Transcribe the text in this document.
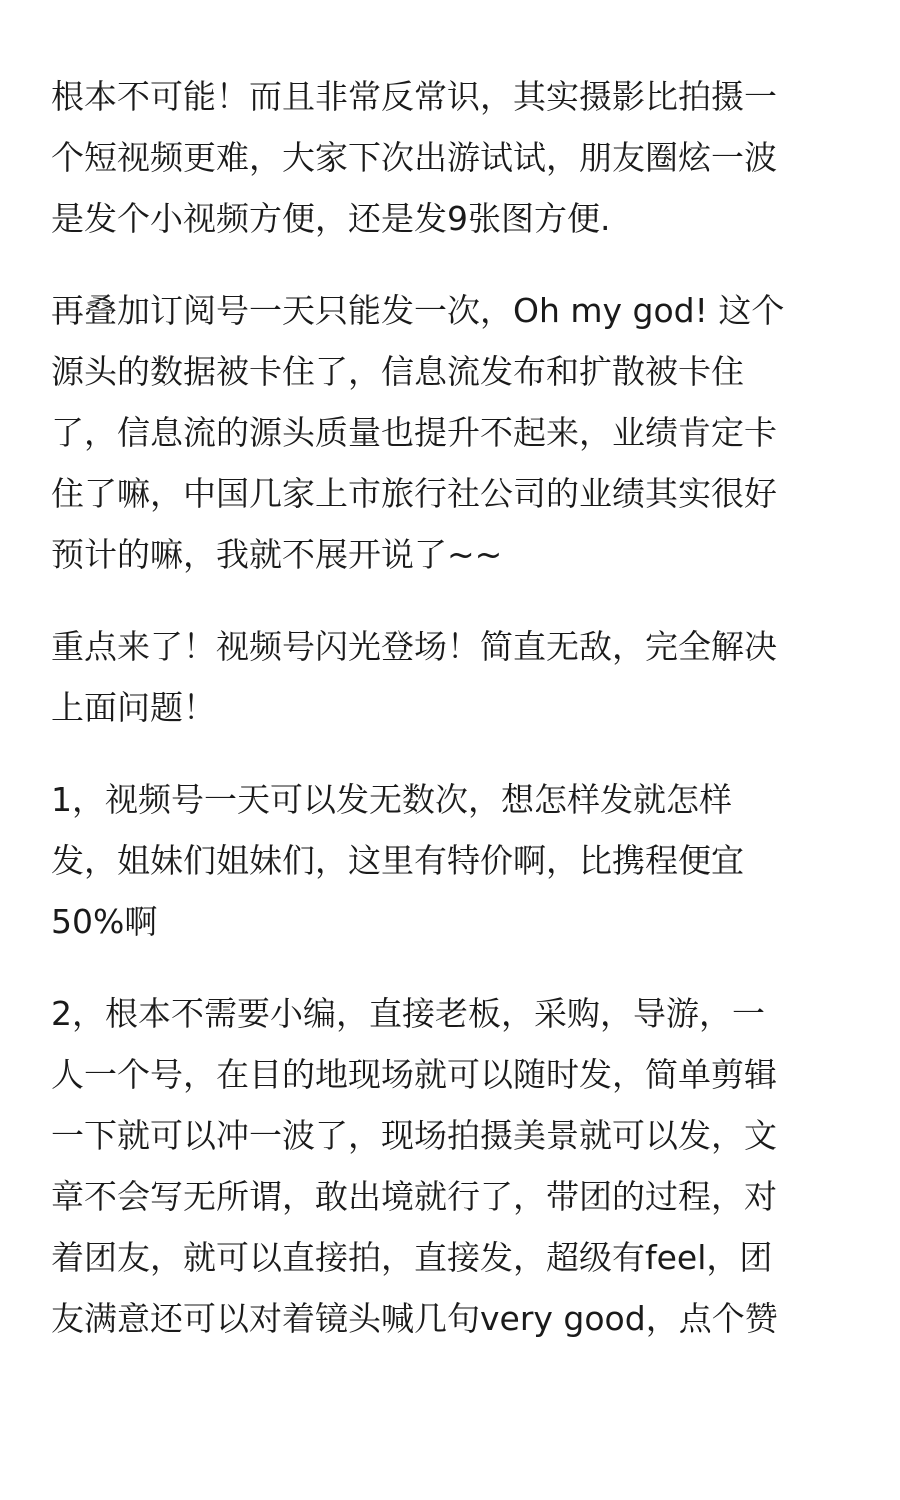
根本不可能！而且非常反常识，其实摄影比拍摄一
个短视频更难，大家下次出游试试，朋友圈炫一波
是发个小视频方便，还是发9张图方便.

再叠加订阅号一天只能发一次，Oh my god! 这个
源头的数据被卡住了，信息流发布和扩散被卡住
了，信息流的源头质量也提升不起来，业绩肯定卡
住了嘛，中国几家上市旅行社公司的业绩其实很好
预计的嘛，我就不展开说了~~

重点来了！视频号闪光登场！简直无敌，完全解决
上面问题！

1，视频号一天可以发无数次，想怎样发就怎样
发，姐妹们姐妹们，这里有特价啊，比携程便宜
50%啊

2，根本不需要小编，直接老板，采购，导游，一
人一个号，在目的地现场就可以随时发，简单剪辑
一下就可以冲一波了，现场拍摄美景就可以发，文
章不会写无所谓，敢出境就行了，带团的过程，对
着团友，就可以直接拍，直接发，超级有feel，团
友满意还可以对着镜头喊几句very good，点个赞
